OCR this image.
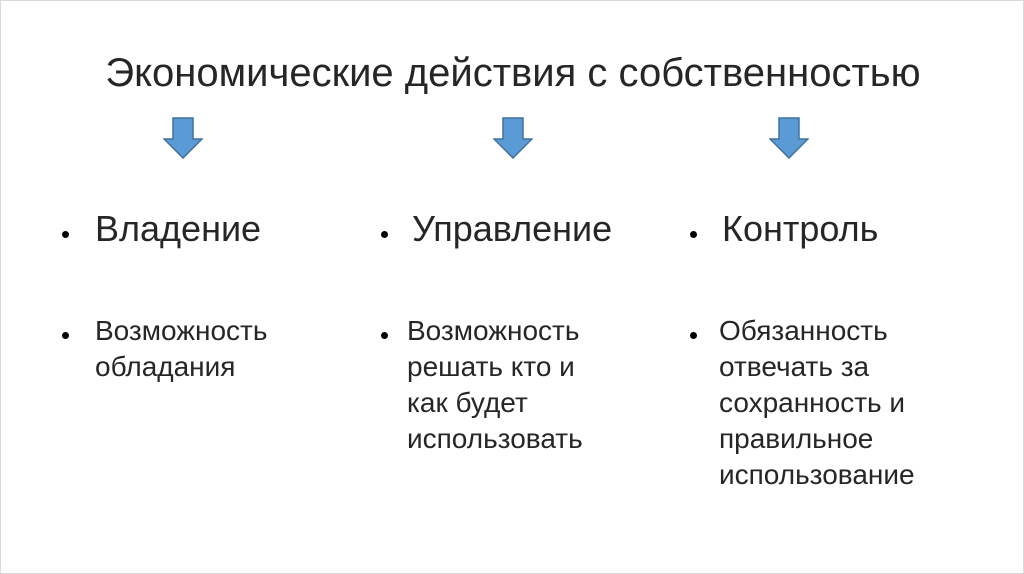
Экономические действия с собственностью
Владение
Возможность
обладания
Управление
Возможность
решать кто и
как будет
использовать
Контроль
Обязанность
отвечать за
сохранность и
правильное
использование
